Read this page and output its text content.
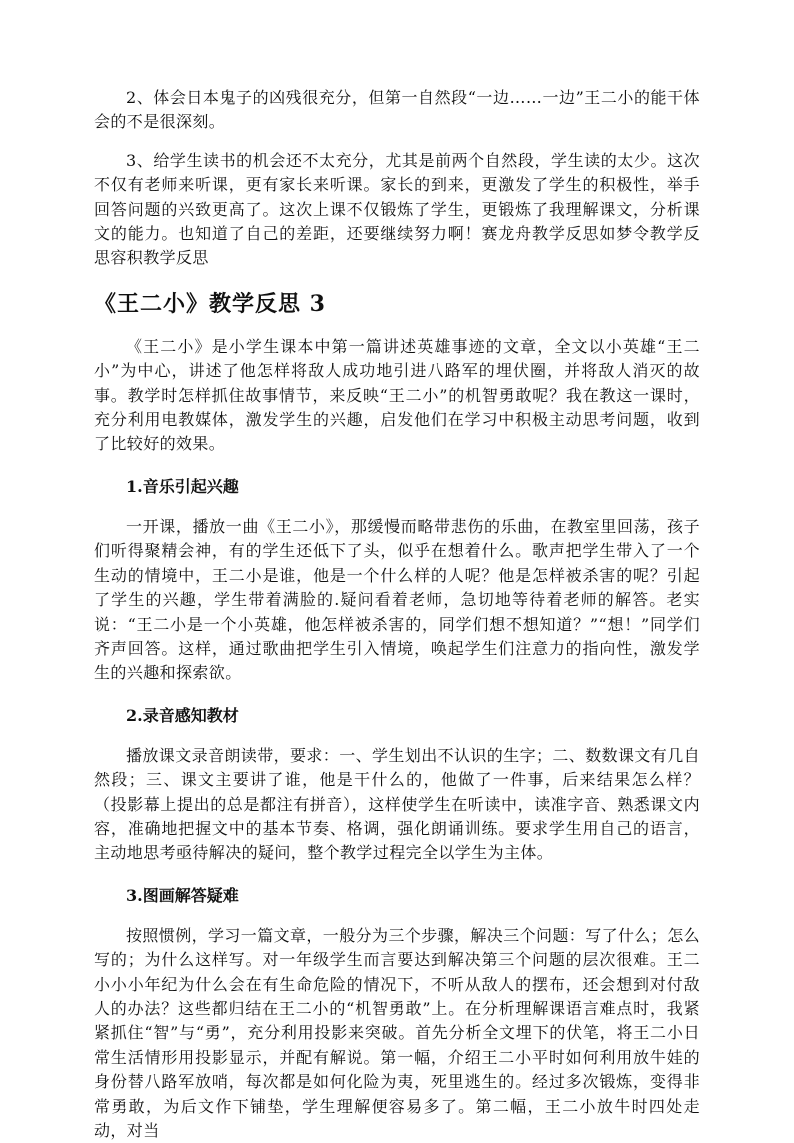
2、体会日本鬼子的凶残很充分，但第一自然段“一边……一边”王二小的能干体会的不是很深刻。

3、给学生读书的机会还不太充分，尤其是前两个自然段，学生读的太少。这次不仅有老师来听课，更有家长来听课。家长的到来，更激发了学生的积极性，举手回答问题的兴致更高了。这次上课不仅锻炼了学生，更锻炼了我理解课文，分析课文的能力。也知道了自己的差距，还要继续努力啊！赛龙舟教学反思如梦令教学反思容积教学反思

《王二小》教学反思 3

《王二小》是小学生课本中第一篇讲述英雄事迹的文章，全文以小英雄“王二小”为中心，讲述了他怎样将敌人成功地引进八路军的埋伏圈，并将敌人消灭的故事。教学时怎样抓住故事情节，来反映“王二小”的机智勇敢呢？我在教这一课时，充分利用电教媒体，激发学生的兴趣，启发他们在学习中积极主动思考问题，收到了比较好的效果。

1.音乐引起兴趣

一开课，播放一曲《王二小》，那缓慢而略带悲伤的乐曲，在教室里回荡，孩子们听得聚精会神，有的学生还低下了头，似乎在想着什么。歌声把学生带入了一个生动的情境中，王二小是谁，他是一个什么样的人呢？他是怎样被杀害的呢？引起了学生的兴趣，学生带着满脸的.疑问看着老师，急切地等待着老师的解答。老实说：“王二小是一个小英雄，他怎样被杀害的，同学们想不想知道？”“想！”同学们齐声回答。这样，通过歌曲把学生引入情境，唤起学生们注意力的指向性，激发学生的兴趣和探索欲。

2.录音感知教材

播放课文录音朗读带，要求：一、学生划出不认识的生字；二、数数课文有几自然段；三、课文主要讲了谁，他是干什么的，他做了一件事，后来结果怎么样？（投影幕上提出的总是都注有拼音），这样使学生在听读中，读准字音、熟悉课文内容，准确地把握文中的基本节奏、格调，强化朗诵训练。要求学生用自己的语言，主动地思考亟待解决的疑问，整个教学过程完全以学生为主体。

3.图画解答疑难

按照惯例，学习一篇文章，一般分为三个步骤，解决三个问题：写了什么；怎么写的；为什么这样写。对一年级学生而言要达到解决第三个问题的层次很难。王二小小小年纪为什么会在有生命危险的情况下，不听从敌人的摆布，还会想到对付敌人的办法？这些都归结在王二小的“机智勇敢”上。在分析理解课语言难点时，我紧紧抓住“智”与“勇”，充分利用投影来突破。首先分析全文埋下的伏笔，将王二小日常生活情形用投影显示，并配有解说。第一幅，介绍王二小平时如何利用放牛娃的身份替八路军放哨，每次都是如何化险为夷，死里逃生的。经过多次锻炼，变得非常勇敢，为后文作下铺垫，学生理解便容易多了。第二幅，王二小放牛时四处走动，对当
